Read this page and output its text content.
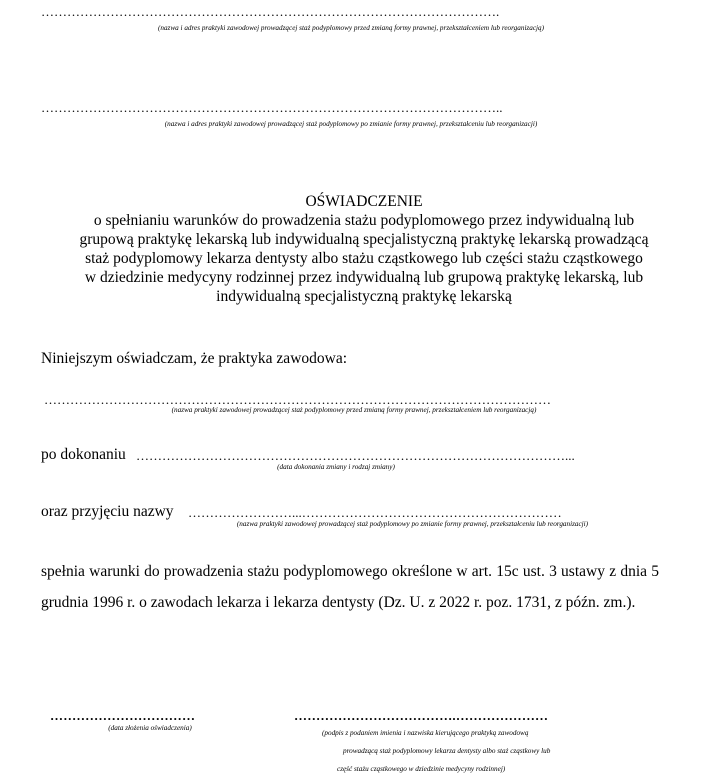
…………………………………………………………………………………………….
(nazwa i adres praktyki zawodowej prowadzącej staż podyplomowy przed zmianą formy prawnej, przekształceniem lub reorganizacją)
……………………………………………………………………………………………..
(nazwa i adres praktyki zawodowej prowadzącej staż podyplomowy po zmianie formy prawnej, przekształceniu lub reorganizacji)
OŚWIADCZENIE
o spełnianiu warunków do prowadzenia stażu podyplomowego przez indywidualną lub
grupową praktykę lekarską lub indywidualną specjalistyczną praktykę lekarską prowadzącą
staż podyplomowy lekarza dentysty albo stażu cząstkowego lub części stażu cząstkowego
w dziedzinie medycyny rodzinnej przez indywidualną lub grupową praktykę lekarską, lub
indywidualną specjalistyczną praktykę lekarską
Niniejszym oświadczam, że praktyka zawodowa:
………………………………………………………………………………………………………
(nazwa praktyki zawodowej prowadzącej staż podyplomowy przed zmianą formy prawnej, przekształceniem lub reorganizacją)
po dokonaniu ………………………………………………………………………………………...
(data dokonania zmiany i rodzaj zmiany)
oraz przyjęciu nazwy ……………………...……………………………………………………
(nazwa praktyki zawodowej prowadzącej staż podyplomowy po zmianie formy prawnej, przekształceniu lub reorganizacji)
spełnia warunki do prowadzenia stażu podyplomowego określone w art. 15c ust. 3 ustawy z dnia 5 grudnia 1996 r. o zawodach lekarza i lekarza dentysty (Dz. U. z 2022 r. poz. 1731, z późn. zm.).
……………………………
(data złożenia oświadczenia)
……………………………….…………………
(podpis z podaniem imienia i nazwiska kierującego praktyką zawodową
prowadzącą staż podyplomowy lekarza dentysty albo staż cząstkowy lub
część stażu cząstkowego w dziedzinie medycyny rodzinnej)
